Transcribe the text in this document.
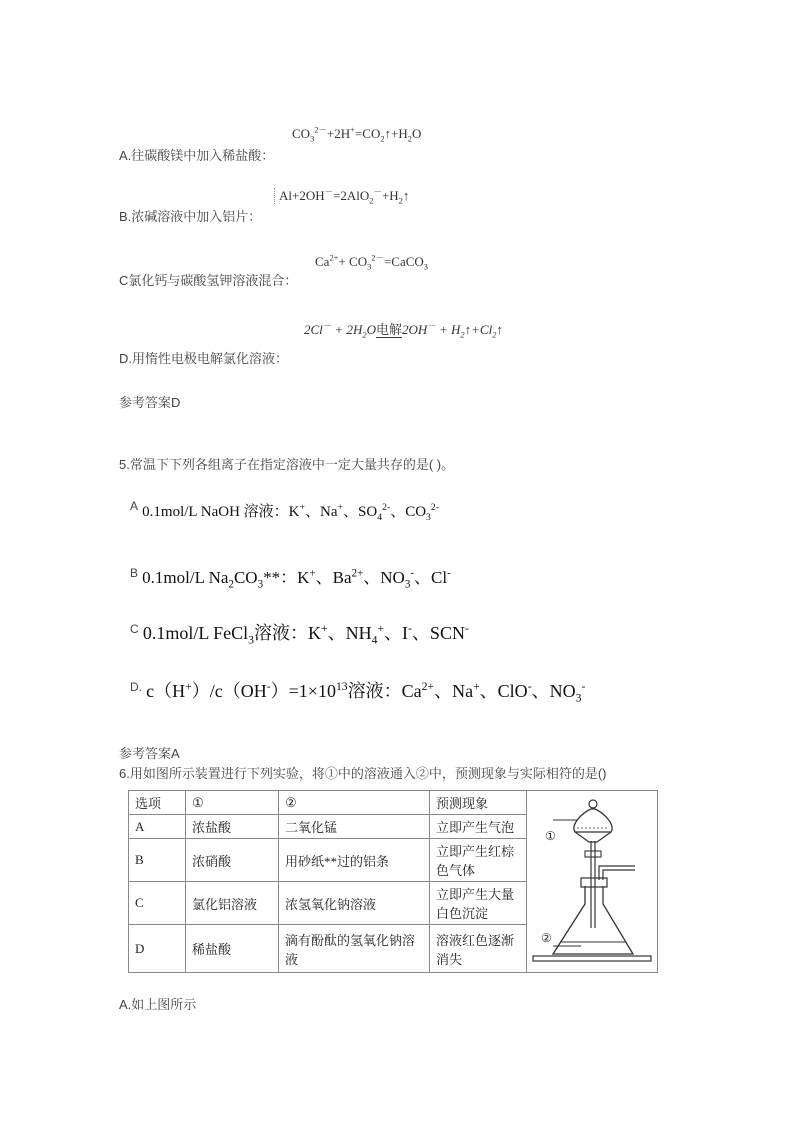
$CO_3^{2-}+2H^+=CO_2↑+H_2O$
A.往碳酸镁中加入稀盐酸：
$Al+2OH^-=2AlO_2^-+H_2↑$
B.浓碱溶液中加入铝片：
$Ca^{2+}+$ $CO_3^{2-}=CaCO_3$
C氯化钙与碳酸氢钾溶液混合：
$2Cl^- + 2H_2O$电解$2OH^- + H_2↑+Cl_2↑$
D.用惰性电极电解氯化溶液：
参考答案D
5.常温下下列各组离子在指定溶液中一定大量共存的是( )。
A 0.1mol/L NaOH 溶液：K+、Na+、$SO_4^{2-}$、$CO_3^{2-}$
B 0.1mol/L $Na_2CO_3**$：K+、$Ba^{2+}$、$NO_3^-$、Cl-
C 0.1mol/L FeCl$_3$溶液：K+、$NH_4^+$、I-、SCN-
D. $c(H^+)/c(OH^-)=1\times 10^{13}$溶液：$Ca^{2+}$、Na+、ClO-、$NO_3^-$
参考答案A
6.用如图所示装置进行下列实验，将①中的溶液通入②中，预测现象与实际相符的是()
选项	①	②	预测现象	①
②

A	浓盐酸	二氧化锰	立即产生气泡	
B	浓硝酸	用砂纸**过的铝条	立即产生红棕色气体	
C	氯化铝溶液	浓氢氧化钠溶液	立即产生大量白色沉淀	
D	稀盐酸	滴有酚酞的氢氧化钠溶液	溶液红色逐渐消失	
A.如上图所示
